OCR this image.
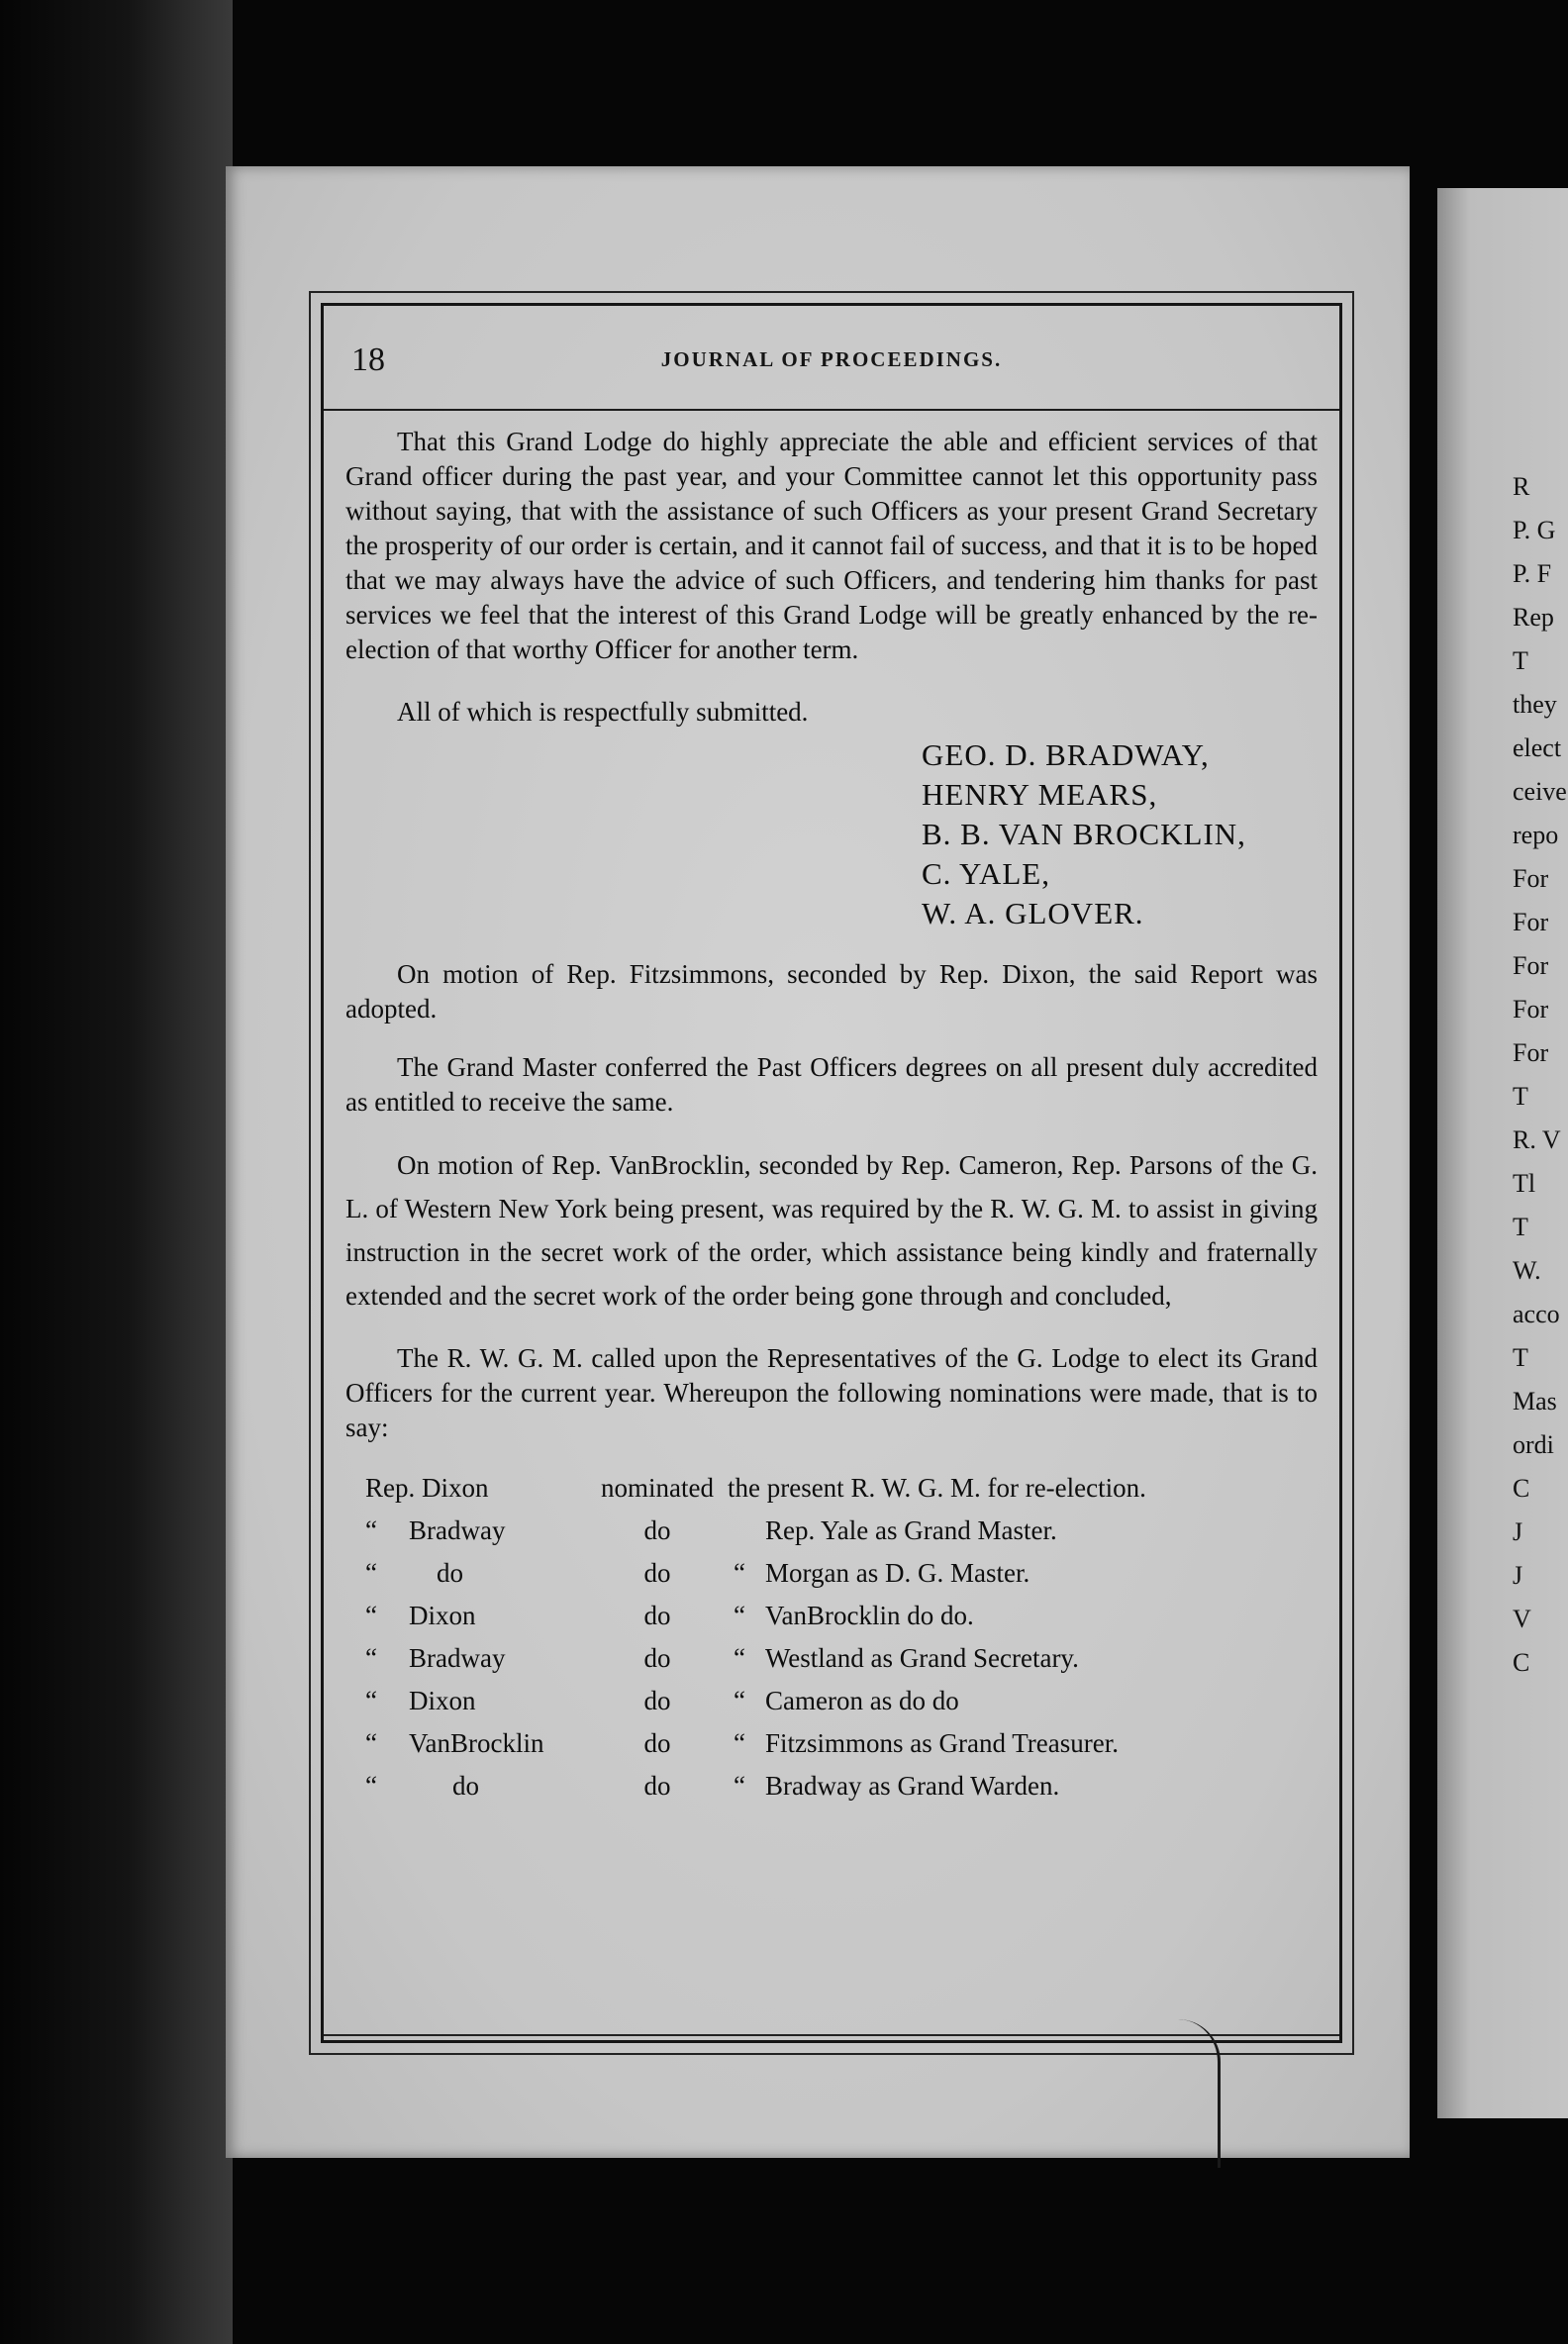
18	JOURNAL OF PROCEEDINGS.

That this Grand Lodge do highly appreciate the able and efficient services of that Grand officer during the past year, and your Committee cannot let this opportunity pass without saying, that with the assistance of such Officers as your present Grand Secretary the prosperity of our order is certain, and it cannot fail of success, and that it is to be hoped that we may always have the advice of such Officers, and tendering him thanks for past services we feel that the interest of this Grand Lodge will be greatly enhanced by the re-election of that worthy Officer for another term.

All of which is respectfully submitted.

GEO. D. BRADWAY,
HENRY MEARS,
B. B. VAN BROCKLIN,
C. YALE,
W. A. GLOVER.

On motion of Rep. Fitzsimmons, seconded by Rep. Dixon, the said Report was adopted.

The Grand Master conferred the Past Officers degrees on all present duly accredited as entitled to receive the same.

On motion of Rep. VanBrocklin, seconded by Rep. Cameron, Rep. Parsons of the G. L. of Western New York being present, was required by the R. W. G. M. to assist in giving instruction in the secret work of the order, which assistance being kindly and fraternally extended and the secret work of the order being gone through and concluded,

The R. W. G. M. called upon the Representatives of the G. Lodge to elect its Grand Officers for the current year. Whereupon the following nominations were made, that is to say:

Rep. Dixon		nominated	the present R. W. G. M. for re-election.	
“	Bradway	do		Rep. Yale as Grand Master.
“	do	do	“	Morgan as D. G. Master.
“	Dixon	do	“	VanBrocklin do do.
“	Bradway	do	“	Westland as Grand Secretary.
“	Dixon	do	“	Cameron as do do
“	VanBrocklin	do	“	Fitzsimmons as Grand Treasurer.
“	do	do	“	Bradway as Grand Warden.
R
P. G
P. F
Rep
T
they
elect
ceive
repo
For
For
For
For
For
T
R. V
Tl
T
W.
acco
T
Mas
ordi
C
J
J
V
C
